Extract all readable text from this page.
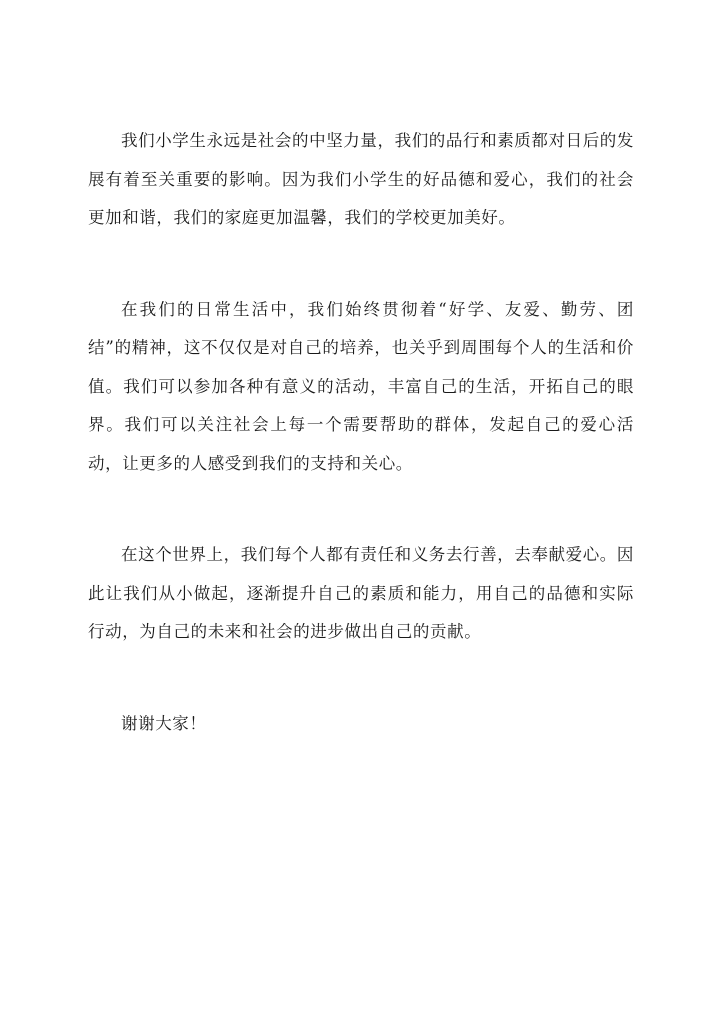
我们小学生永远是社会的中坚力量，我们的品行和素质都对日后的发展有着至关重要的影响。因为我们小学生的好品德和爱心，我们的社会更加和谐，我们的家庭更加温馨，我们的学校更加美好。

在我们的日常生活中，我们始终贯彻着“好学、友爱、勤劳、团结”的精神，这不仅仅是对自己的培养，也关乎到周围每个人的生活和价值。我们可以参加各种有意义的活动，丰富自己的生活，开拓自己的眼界。我们可以关注社会上每一个需要帮助的群体，发起自己的爱心活动，让更多的人感受到我们的支持和关心。

在这个世界上，我们每个人都有责任和义务去行善，去奉献爱心。因此让我们从小做起，逐渐提升自己的素质和能力，用自己的品德和实际行动，为自己的未来和社会的进步做出自己的贡献。

谢谢大家！
